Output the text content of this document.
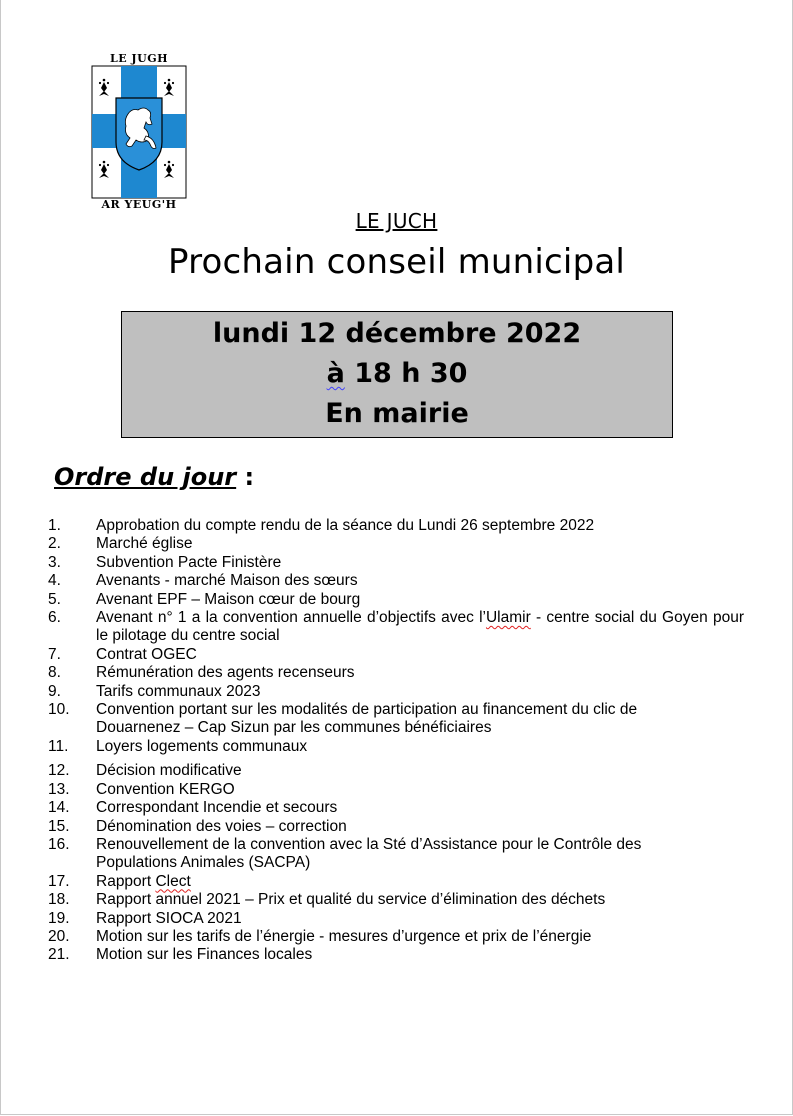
LE JUGH
AR YEUG'H
LE JUCH
Prochain conseil municipal
lundi 12 décembre 2022
à 18 h 30
En mairie
Ordre du jour :
1. Approbation du compte rendu de la séance du Lundi 26 septembre 2022
2. Marché église
3. Subvention Pacte Finistère
4. Avenants - marché Maison des sœurs
5. Avenant EPF – Maison cœur de bourg
6. Avenant n° 1 a la convention annuelle d’objectifs avec l’Ulamir - centre social du Goyen pour le pilotage du centre social
7. Contrat OGEC
8. Rémunération des agents recenseurs
9. Tarifs communaux 2023
10. Convention portant sur les modalités de participation au financement du clic de Douarnenez – Cap Sizun par les communes bénéficiaires
11. Loyers logements communaux
12. Décision modificative
13. Convention KERGO
14. Correspondant Incendie et secours
15. Dénomination des voies – correction
16. Renouvellement de la convention avec la Sté d’Assistance pour le Contrôle des Populations Animales (SACPA)
17. Rapport Clect
18. Rapport annuel 2021 – Prix et qualité du service d’élimination des déchets
19. Rapport SIOCA 2021
20. Motion sur les tarifs de l’énergie - mesures d’urgence et prix de l’énergie
21. Motion sur les Finances locales
